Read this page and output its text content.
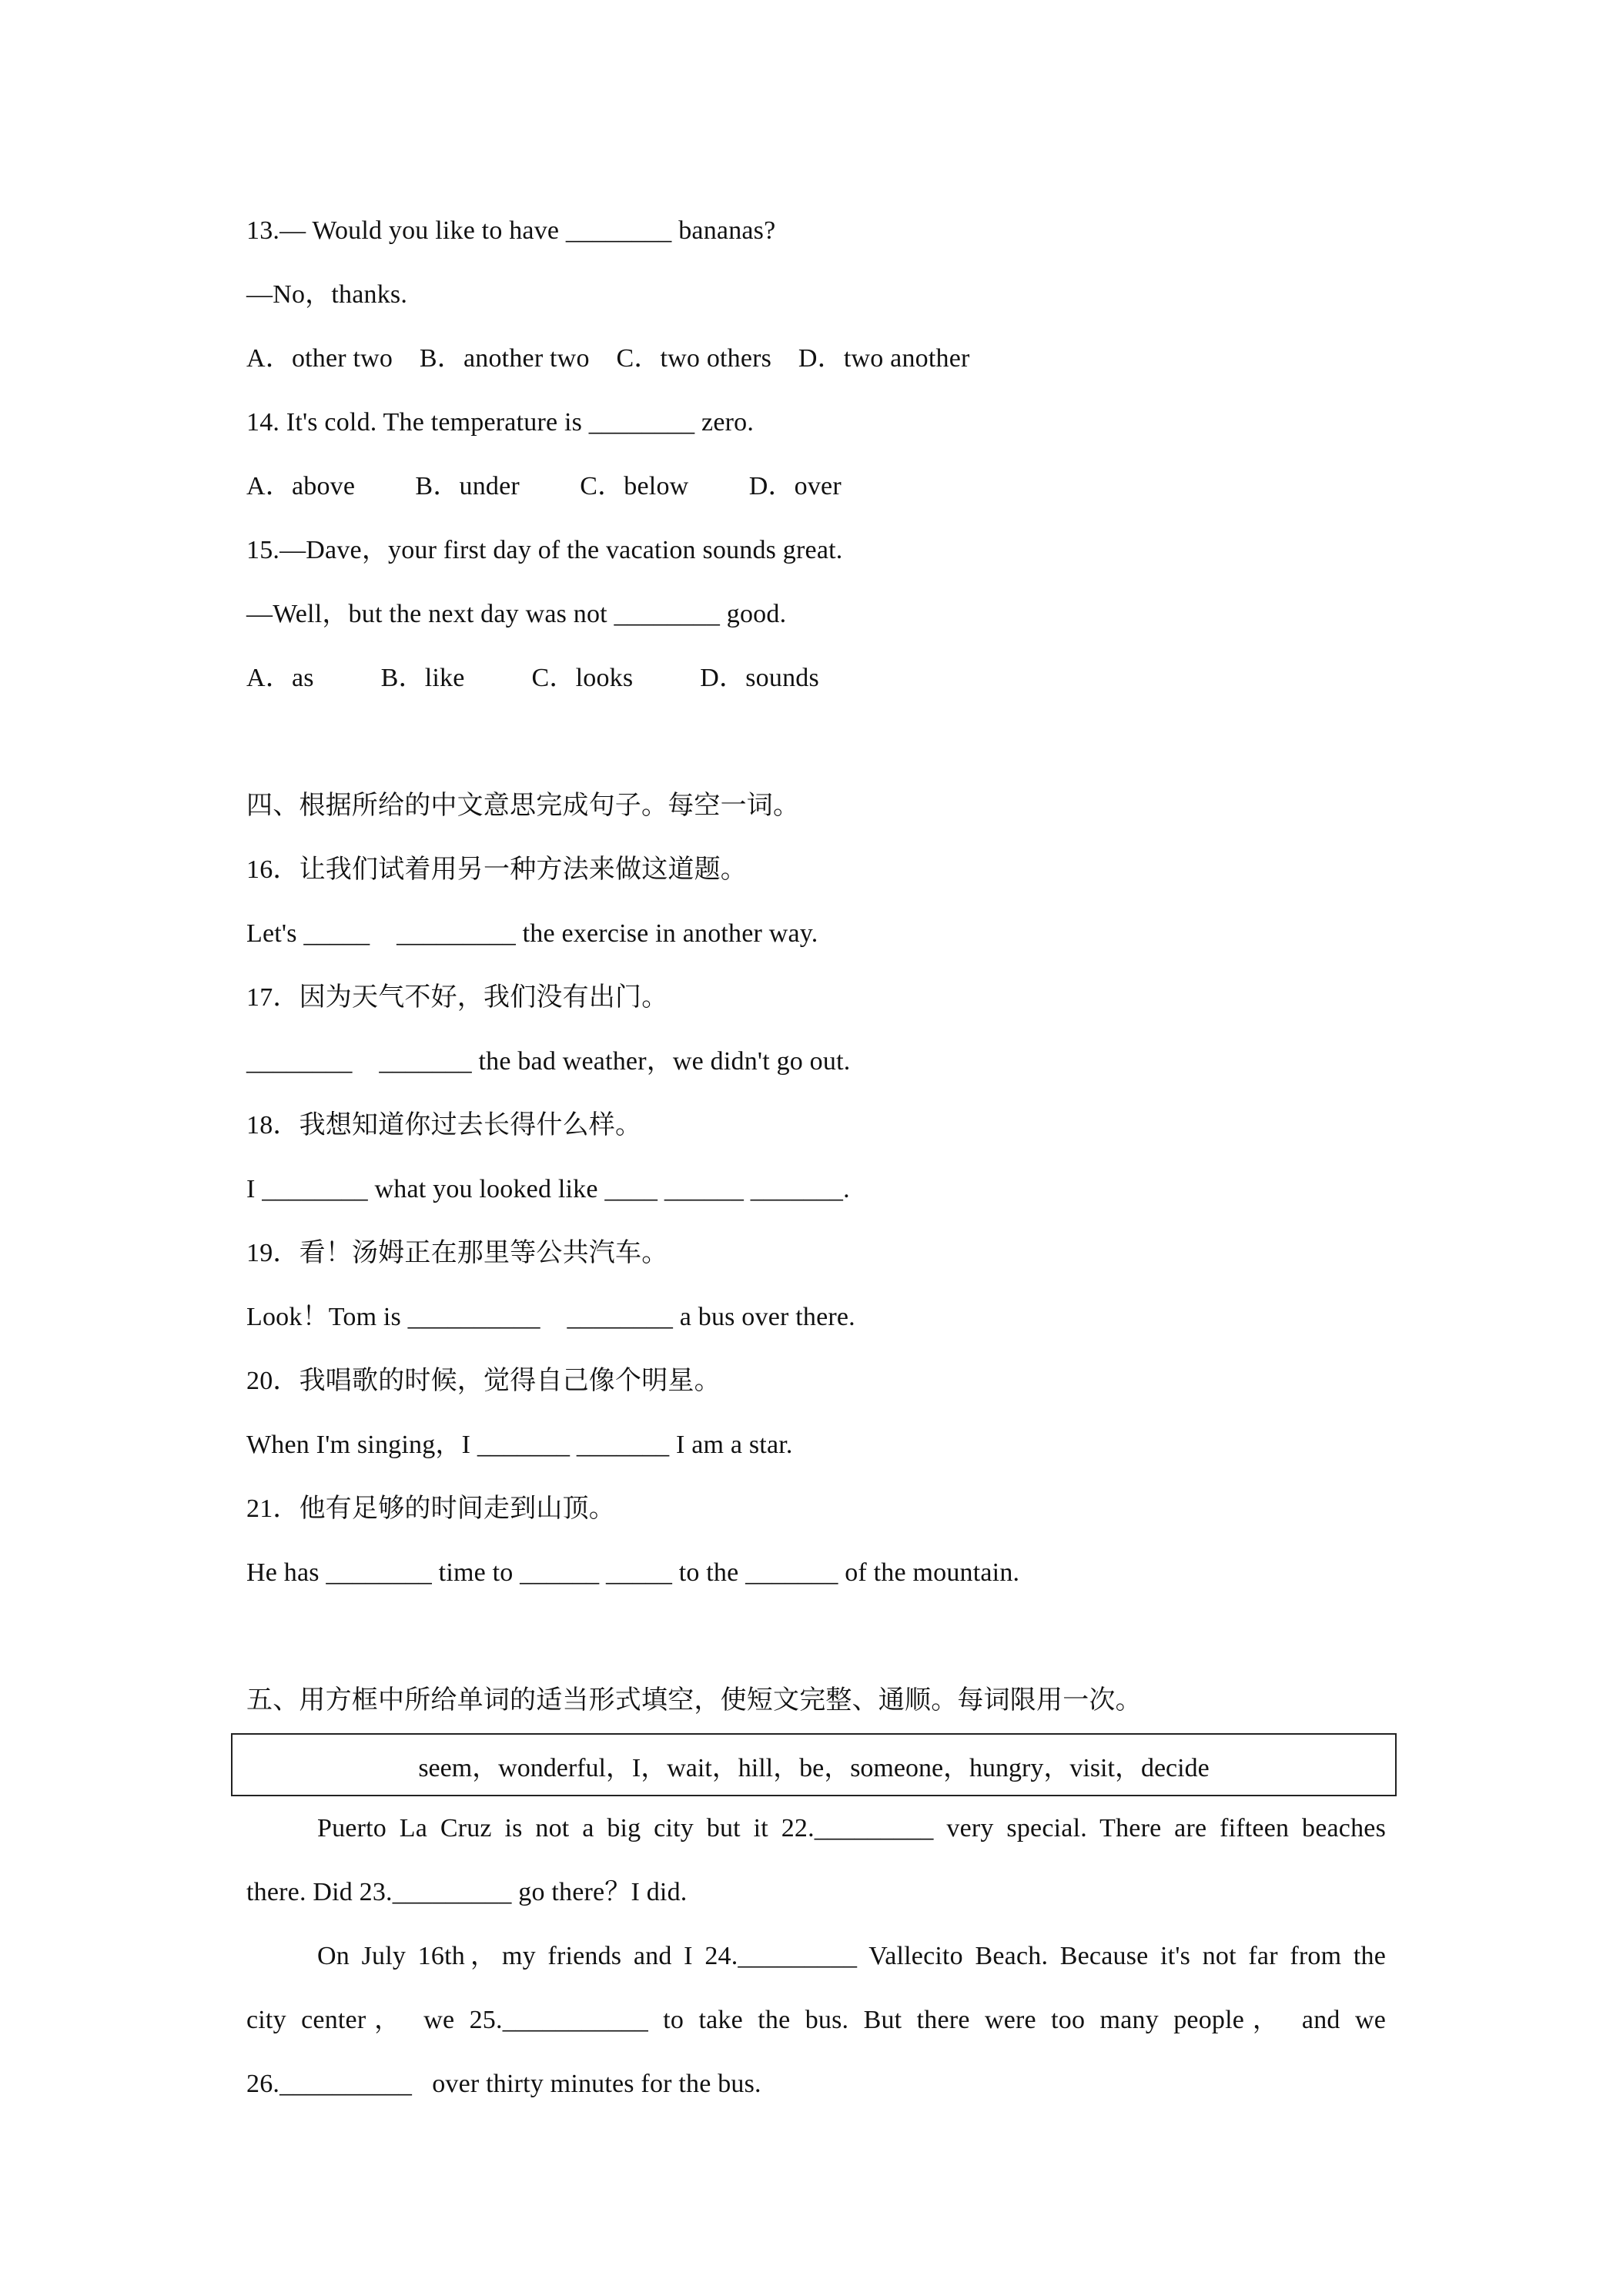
13.— Would you like to have ________ bananas?
—No，thanks.
A．other two    B．another two    C．two others    D．two another
14. It's cold. The temperature is ________ zero.
A．above         B．under         C．below         D．over
15.—Dave，your first day of the vacation sounds great.
—Well，but the next day was not ________ good.
A．as          B．like          C．looks          D．sounds
四、根据所给的中文意思完成句子。每空一词。
16．让我们试着用另一种方法来做这道题。
Let's _____    _________ the exercise in another way.
17．因为天气不好，我们没有出门。
________    _______ the bad weather，we didn't go out.
18．我想知道你过去长得什么样。
I ________ what you looked like ____ ______ _______.
19．看！汤姆正在那里等公共汽车。
Look！Tom is __________    ________ a bus over there.
20．我唱歌的时候，觉得自己像个明星。
When I'm singing，I _______ _______ I am a star.
21．他有足够的时间走到山顶。
He has ________ time to ______ _____ to the _______ of the mountain.
五、用方框中所给单词的适当形式填空，使短文完整、通顺。每词限用一次。
seem，wonderful，I，wait，hill，be，someone，hungry，visit，decide
Puerto La Cruz is not a big city but it 22._________ very special. There are fifteen beaches
there. Did 23._________ go there？I did.
On July 16th，my friends and I 24._________ Vallecito Beach. Because it's not far from the
city center， we 25.___________ to take the bus. But there were too many people， and we
26.__________   over thirty minutes for the bus.
